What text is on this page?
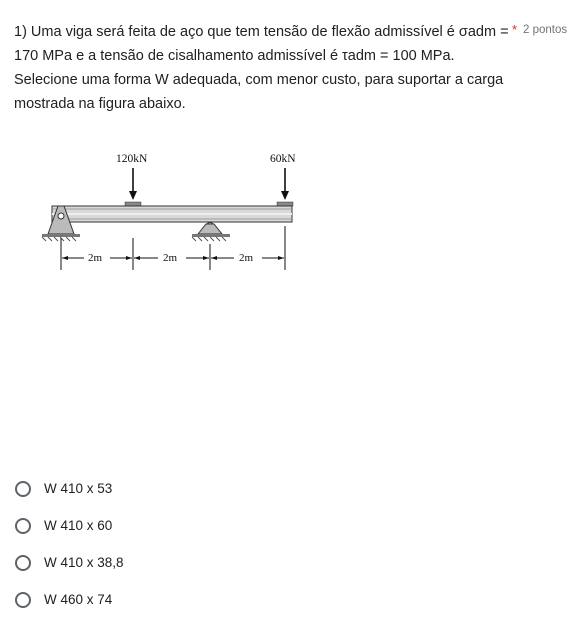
1) Uma viga será feita de aço que tem tensão de flexão admissível é σadm = 170 MPa e a tensão de cisalhamento admissível é τadm = 100 MPa. Selecione uma forma W adequada, com menor custo, para suportar a carga mostrada na figura abaixo.

* 2 pontos
120kN	60kN
2m	2m	2m
W 410 x 53
W 410 x 60
W 410 x 38,8
W 460 x 74
